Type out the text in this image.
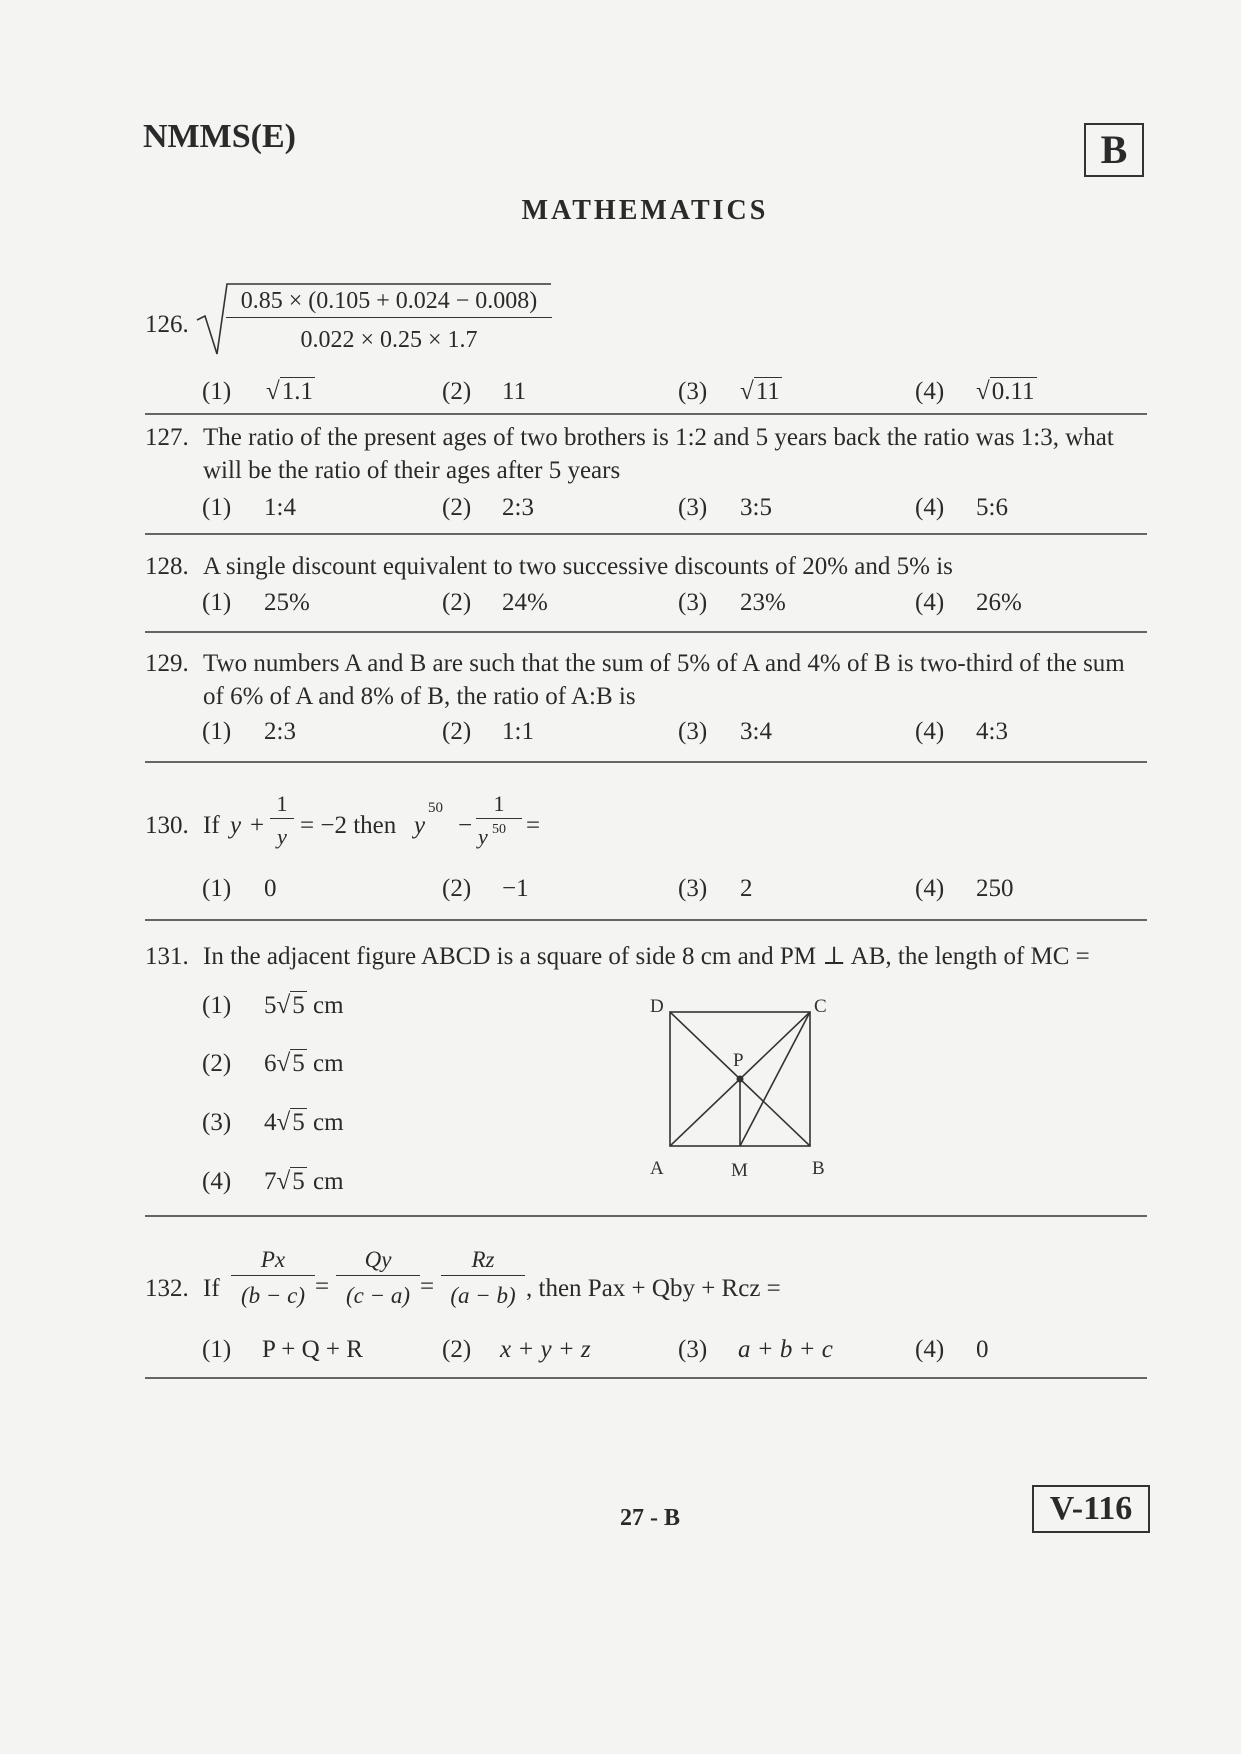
NMMS(E)	B
MATHEMATICS
126.
0.85 × (0.105 + 0.024 − 0.008)
0.022 × 0.25 × 1.7
(1) √1.1	(2) 11	(3) √11	(4) √0.11
127. The ratio of the present ages of two brothers is 1:2 and 5 years back the ratio was 1:3, what
will be the ratio of their ages after 5 years
(1) 1:4	(2) 2:3	(3) 3:5	(4) 5:6
128. A single discount equivalent to two successive discounts of 20% and 5% is
(1) 25%	(2) 24%	(3) 23%	(4) 26%
129. Two numbers A and B are such that the sum of 5% of A and 4% of B is two-third of the sum
of 6% of A and 8% of B, the ratio of A:B is
(1) 2:3	(2) 1:1	(3) 3:4	(4) 4:3
130. If y +
1
y = −2 then y
50
−
1
y 50 =
(1) 0	(2) −1	(3) 2	(4) 250
131. In the adjacent figure ABCD is a square of side 8 cm and PM ⊥ AB, the length of MC =
(1) 5√5 cm
(2) 6√5 cm
(3) 4√5 cm
(4) 7√5 cm	A	B
C
D
M
P
132. If
Px
(b − c) =
Qy
(c − a) =
Rz
(a − b) , then Pax + Qby + Rcz =
(1) P + Q + R	(2) x + y + z	(3) a + b + c	(4) 0
V-116
27 - B
